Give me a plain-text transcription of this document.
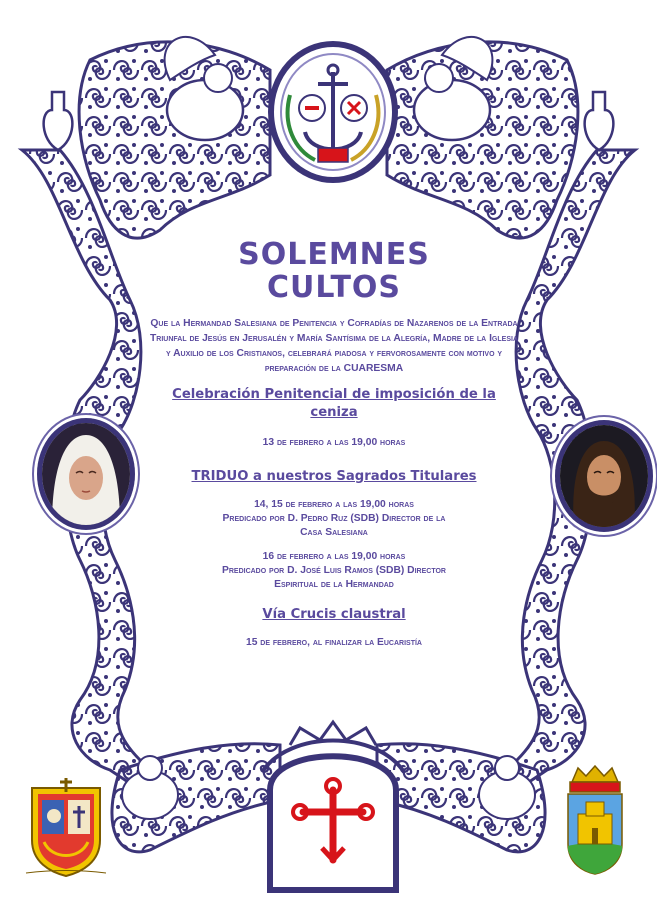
SOLEMNES

CULTOS

Que la Hermandad Salesiana de Penitencia y Cofradías de Nazarenos de la Entrada Triunfal de Jesús en Jerusalén y María Santísima de la Alegría, Madre de la Iglesia y Auxilio de los Cristianos, celebrará piadosa y fervorosamente con motivo y preparación de la CUARESMA

Celebración Penitencial de imposición de la ceniza

13 de febrero a las 19,00 horas

TRIDUO a nuestros Sagrados Titulares

14, 15 de febrero a las 19,00 horas

Predicado por D. Pedro Ruz (SDB) Director de la

Casa Salesiana

16 de febrero a las 19,00 horas

Predicado por D. José Luis Ramos (SDB) Director

Espiritual de la Hermandad

Vía Crucis claustral

15 de febrero, al finalizar la Eucaristía
